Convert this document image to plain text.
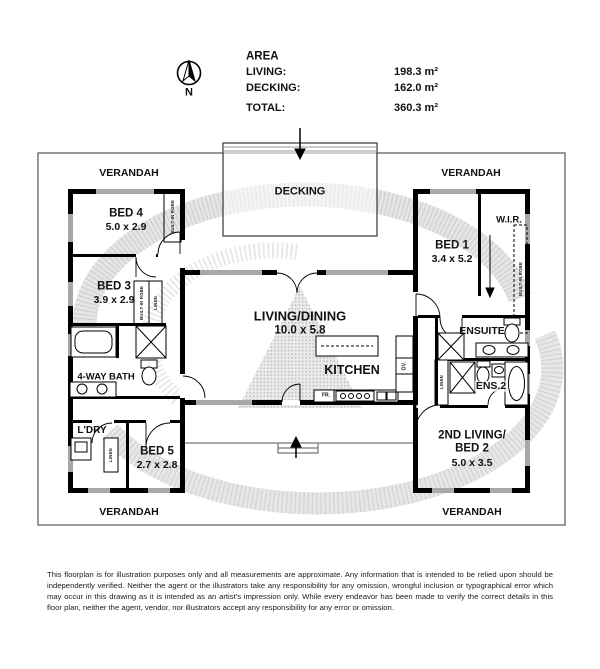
N
AREA
LIVING:	198.3 m²
DECKING:	162.0 m²
TOTAL:	360.3 m²
VERANDAH	VERANDAH
VERANDAH	VERANDAH
DECKING
BED 4
5.0 x 2.9
BED 3
3.9 x 2.9
4-WAY BATH
L'DRY
BED 5
2.7 x 2.8
LIVING/DINING
10.0 x 5.8
KITCHEN
BED 1
3.4 x 5.2
W.I.R.
ENSUITE
ENS.2
2ND LIVING/
BED 2
5.0 x 3.5
FR.
OV.
BUILT-IN ROBE
BUILT-IN ROBE LINEN
BUILT-IN ROBE
LINEN
LINEN
This floorplan is for illustration purposes only and all measurements are approximate. Any information that is intended to be relied upon should be independently verified. Neither the agent or the illustrators take any responsibility for any omission, wrongful inclusion or typographical error which may occur in this drawing as it is intended as an artist's impression only. While every endeavor has been made to verify the correct details in this floor plan, neither the agent, vendor, nor illustrators accept any responsibility for any error or omission.
